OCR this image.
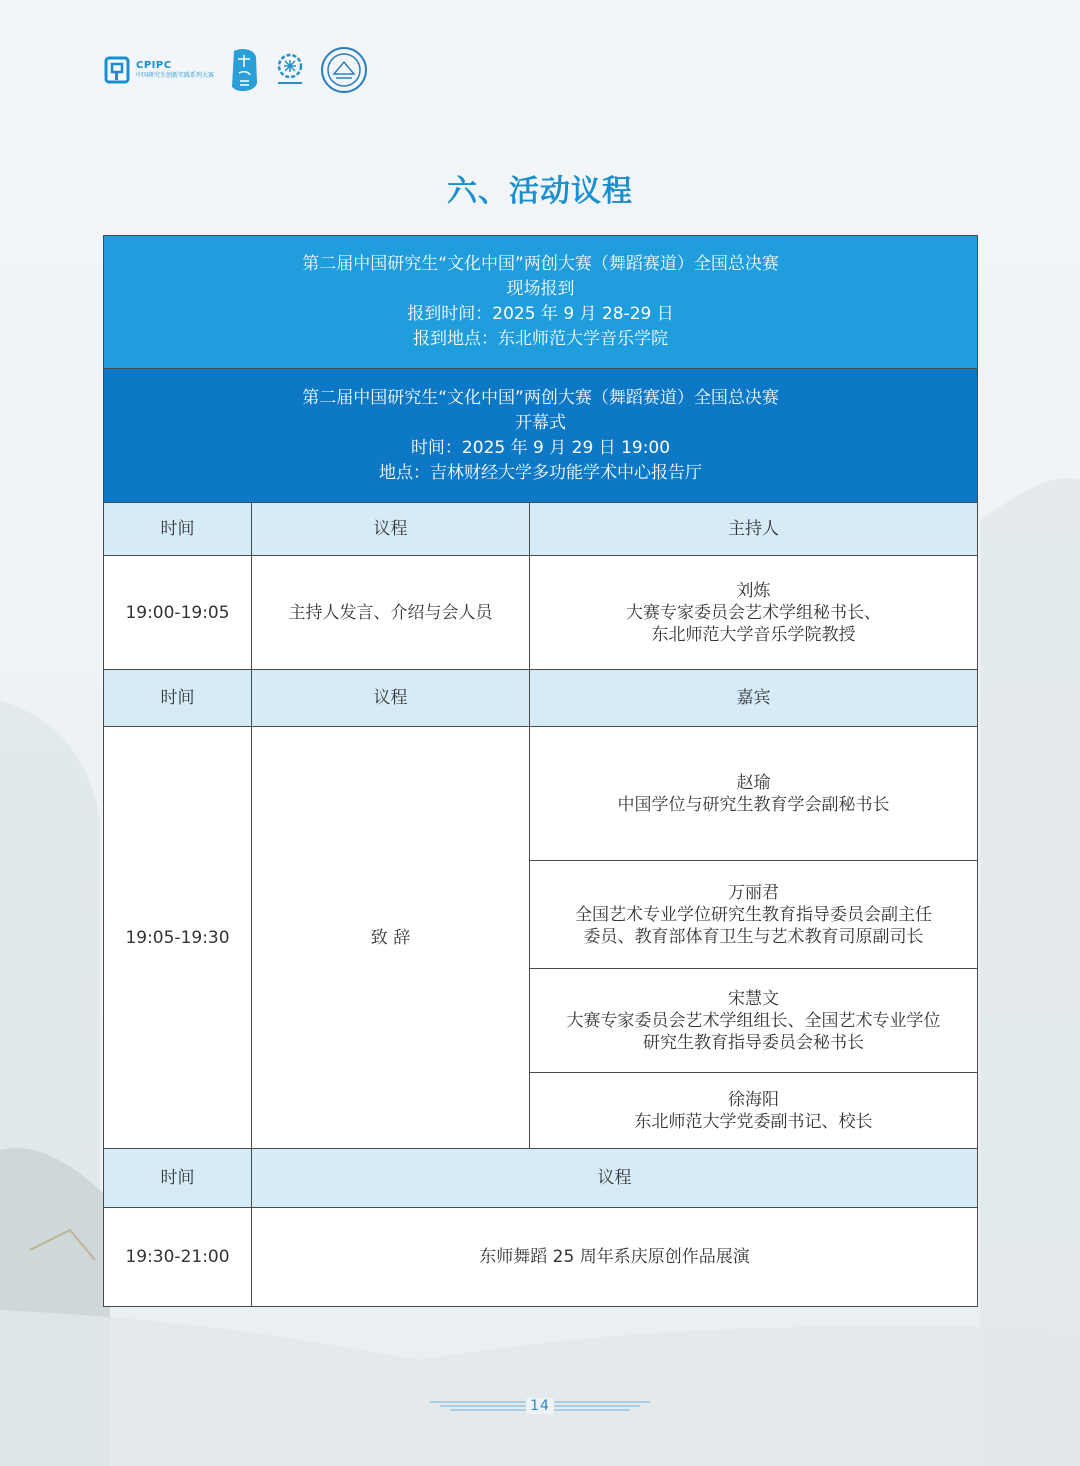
CPIPC
中国研究生创新实践系列大赛
六、活动议程
第二届中国研究生“文化中国”两创大赛（舞蹈赛道）全国总决赛
现场报到
报到时间：2025 年 9 月 28-29 日
报到地点：东北师范大学音乐学院		

第二届中国研究生“文化中国”两创大赛（舞蹈赛道）全国总决赛
开幕式
时间：2025 年 9 月 29 日 19:00
地点：吉林财经大学多功能学术中心报告厅		

时间	议程	主持人
19:00-19:05	主持人发言、介绍与会人员	刘炼
大赛专家委员会艺术学组秘书长、
东北师范大学音乐学院教授

时间	议程	嘉宾
19:05-19:30	致 辞	赵瑜
中国学位与研究生教育学会副秘书长

		万丽君
全国艺术专业学位研究生教育指导委员会副主任
委员、教育部体育卫生与艺术教育司原副司长

		宋慧文
大赛专家委员会艺术学组组长、全国艺术专业学位
研究生教育指导委员会秘书长

		徐海阳
东北师范大学党委副书记、校长

时间	议程	
19:30-21:00	东师舞蹈 25 周年系庆原创作品展演	
14
